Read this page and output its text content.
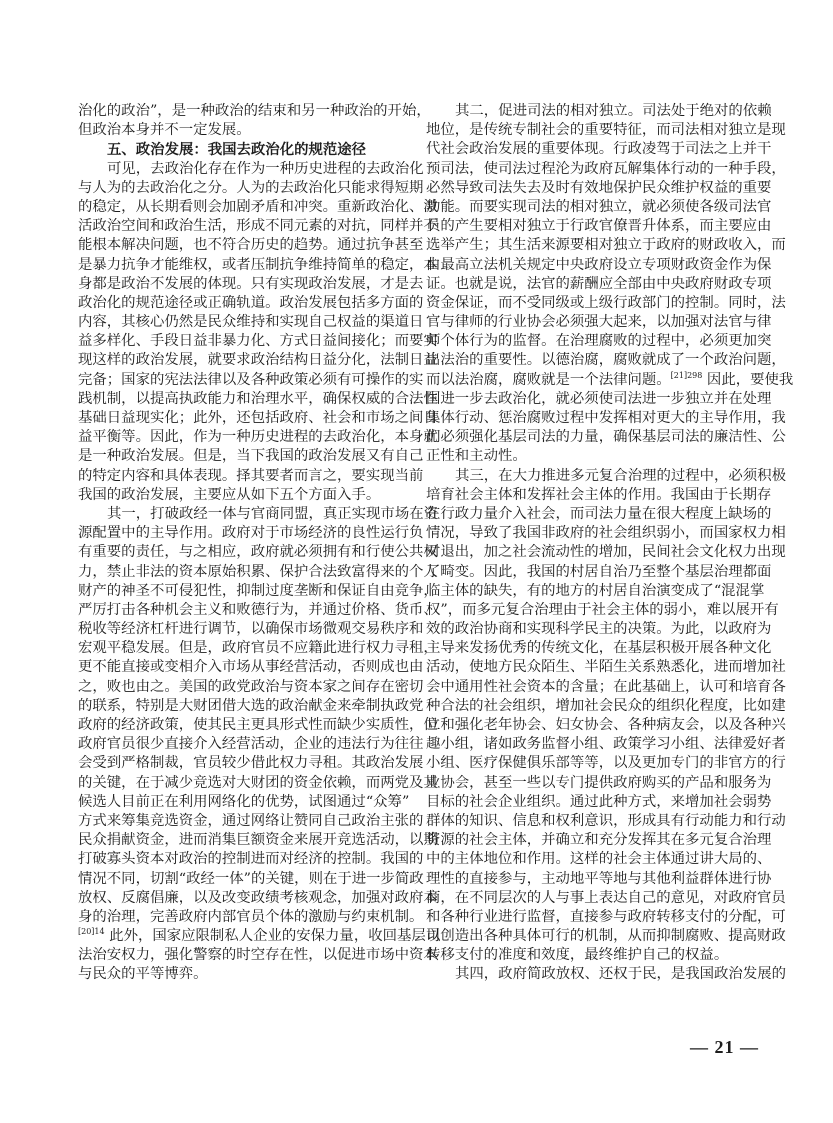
治化的政治”，是一种政治的结束和另一种政治的开始，
但政治本身并不一定发展。
五、政治发展：我国去政治化的规范途径
可见，去政治化存在作为一种历史进程的去政治化
与人为的去政治化之分。人为的去政治化只能求得短期
的稳定，从长期看则会加剧矛盾和冲突。重新政治化、激
活政治空间和政治生活，形成不同元素的对抗，同样并不
能根本解决问题，也不符合历史的趋势。通过抗争甚至
是暴力抗争才能维权，或者压制抗争维持简单的稳定，本
身都是政治不发展的体现。只有实现政治发展，才是去
政治化的规范途径或正确轨道。政治发展包括多方面的
内容，其核心仍然是民众维持和实现自己权益的渠道日
益多样化、手段日益非暴力化、方式日益间接化；而要实
现这样的政治发展，就要求政治结构日益分化，法制日益
完备；国家的宪法法律以及各种政策必须有可操作的实
践机制，以提高执政能力和治理水平，确保权威的合法性
基础日益现实化；此外，还包括政府、社会和市场之间日
益平衡等。因此，作为一种历史进程的去政治化，本身就
是一种政治发展。但是，当下我国的政治发展又有自己
的特定内容和具体表现。择其要者而言之，要实现当前
我国的政治发展，主要应从如下五个方面入手。
其一，打破政经一体与官商同盟，真正实现市场在资
源配置中的主导作用。政府对于市场经济的良性运行负
有重要的责任，与之相应，政府就必须拥有和行使公共权
力，禁止非法的资本原始积累、保护合法致富得来的个人
财产的神圣不可侵犯性，抑制过度垄断和保证自由竞争，
严厉打击各种机会主义和败德行为，并通过价格、货币、
税收等经济杠杆进行调节，以确保市场微观交易秩序和
宏观平稳发展。但是，政府官员不应籍此进行权力寻租，
更不能直接或变相介入市场从事经营活动，否则成也由
之，败也由之。美国的政党政治与资本家之间存在密切
的联系，特别是大财团借大选的政治献金来牵制执政党
政府的经济政策，使其民主更具形式性而缺少实质性，但
政府官员很少直接介入经营活动，企业的违法行为往往
会受到严格制裁，官员较少借此权力寻租。其政治发展
的关键，在于减少竞选对大财团的资金依赖，而两党及其
候选人目前正在利用网络化的优势，试图通过“众筹”
方式来筹集竞选资金，通过网络让赞同自己政治主张的
民众捐献资金，进而消集巨额资金来展开竞选活动，以期
打破寡头资本对政治的控制进而对经济的控制。我国的
情况不同，切割“政经一体”的关键，则在于进一步简政
放权、反腐倡廉，以及改变政绩考核观念，加强对政府本
身的治理，完善政府内部官员个体的激励与约束机制。
$^{[20]14}$ 此外，国家应限制私人企业的安保力量，收回基层司
法治安权力，强化警察的时空存在性，以促进市场中资本
与民众的平等博弈。
其二，促进司法的相对独立。司法处于绝对的依赖
地位，是传统专制社会的重要特征，而司法相对独立是现
代社会政治发展的重要体现。行政凌驾于司法之上并干
预司法，使司法过程沦为政府瓦解集体行动的一种手段，
必然导致司法失去及时有效地保护民众维护权益的重要
功能。而要实现司法的相对独立，就必须使各级司法官
员的产生要相对独立于行政官僚晋升体系，而主要应由
选举产生；其生活来源要相对独立于政府的财政收入，而
由最高立法机关规定中央政府设立专项财政资金作为保
证。也就是说，法官的薪酬应全部由中央政府财政专项
资金保证，而不受同级或上级行政部门的控制。同时，法
官与律师的行业协会必须强大起来，以加强对法官与律
师个体行为的监督。在治理腐败的过程中，必须更加突
出法治的重要性。以德治腐，腐败就成了一个政治问题，
而以法治腐，腐败就是一个法律问题。$^{[21]298}$ 因此，要使我
国进一步去政治化，就必须使司法进一步独立并在处理
集体行动、惩治腐败过程中发挥相对更大的主导作用，我
们必须强化基层司法的力量，确保基层司法的廉洁性、公
正性和主动性。
其三，在大力推进多元复合治理的过程中，必须积极
培育社会主体和发挥社会主体的作用。我国由于长期存
在行政力量介入社会，而司法力量在很大程度上缺场的
情况，导致了我国非政府的社会组织弱小，而国家权力相
对退出，加之社会流动性的增加，民间社会文化权力出现
了畸变。因此，我国的村居自治乃至整个基层治理都面
临主体的缺失，有的地方的村居自治演变成了“混混掌
权”，而多元复合治理由于社会主体的弱小，难以展开有
效的政治协商和实现科学民主的决策。为此，以政府为
主导来发扬优秀的传统文化，在基层积极开展各种文化
活动，使地方民众陌生、半陌生关系熟悉化，进而增加社
会中通用性社会资本的含量；在此基础上，认可和培育各
种合法的社会组织，增加社会民众的组织化程度，比如建
立和强化老年协会、妇女协会、各种病友会，以及各种兴
趣小组，诸如政务监督小组、政策学习小组、法律爱好者
小组、医疗保健俱乐部等等，以及更加专门的非官方的行
业协会，甚至一些以专门提供政府购买的产品和服务为
目标的社会企业组织。通过此种方式，来增加社会弱势
群体的知识、信息和权利意识，形成具有行动能力和行动
资源的社会主体，并确立和充分发挥其在多元复合治理
中的主体地位和作用。这样的社会主体通过讲大局的、
理性的直接参与，主动地平等地与其他利益群体进行协
商，在不同层次的人与事上表达自己的意见，对政府官员
和各种行业进行监督，直接参与政府转移支付的分配，可
以创造出各种具体可行的机制，从而抑制腐败、提高财政
转移支付的准度和效度，最终维护自己的权益。
其四，政府简政放权、还权于民，是我国政治发展的
— 21 —
